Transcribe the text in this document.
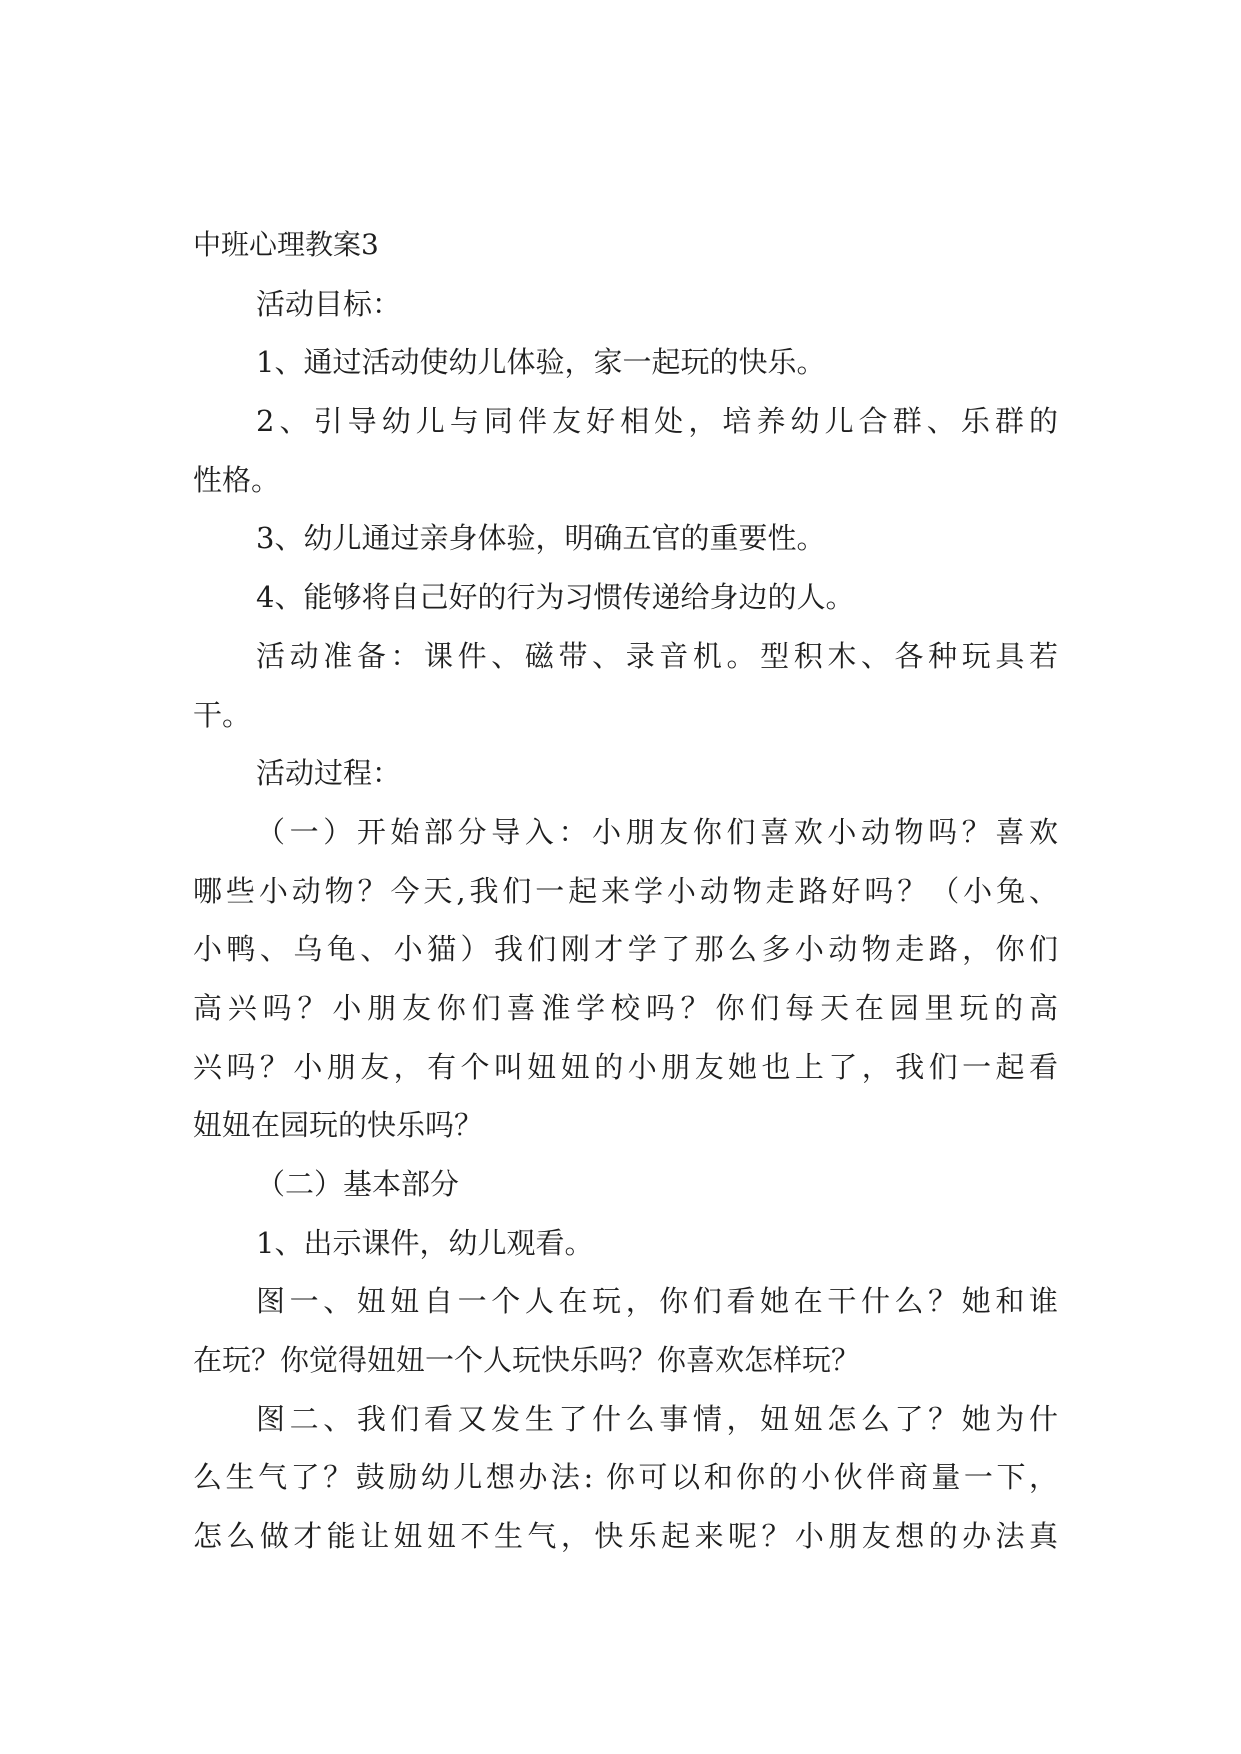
中班心理教案3
活动目标：
1、通过活动使幼儿体验，家一起玩的快乐。
2、引导幼儿与同伴友好相处，培养幼儿合群、乐群的
性格。
3、幼儿通过亲身体验，明确五官的重要性。
4、能够将自己好的行为习惯传递给身边的人。
活动准备：课件、磁带、录音机。型积木、各种玩具若
干。
活动过程：
（一）开始部分导入：小朋友你们喜欢小动物吗？喜欢
哪些小动物？今天,我们一起来学小动物走路好吗？（小兔、
小鸭、乌龟、小猫）我们刚才学了那么多小动物走路，你们
高兴吗？小朋友你们喜淮学校吗？你们每天在园里玩的高
兴吗？小朋友，有个叫妞妞的小朋友她也上了，我们一起看
妞妞在园玩的快乐吗？
（二）基本部分
1、出示课件，幼儿观看。
图一、妞妞自一个人在玩，你们看她在干什么？她和谁
在玩？你觉得妞妞一个人玩快乐吗？你喜欢怎样玩？
图二、我们看又发生了什么事情，妞妞怎么了？她为什
么生气了？鼓励幼儿想办法: 你可以和你的小伙伴商量一下，
怎么做才能让妞妞不生气，快乐起来呢？小朋友想的办法真
